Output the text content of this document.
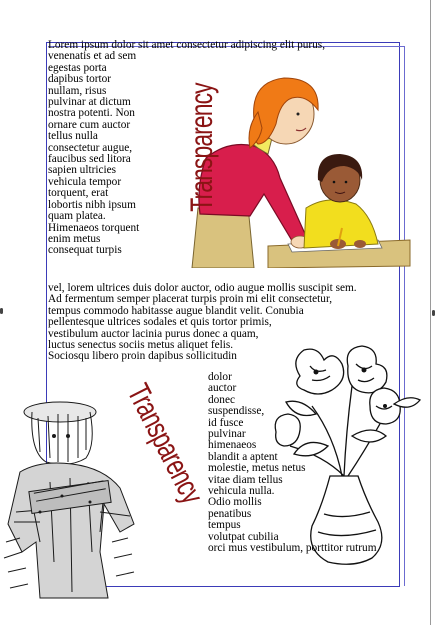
Lorem ipsum dolor sit amet consectetur adipiscing elit purus,
venenatis et ad sem
egestas porta
dapibus tortor
nullam, risus
pulvinar at dictum
nostra potenti. Non
ornare cum auctor
tellus nulla
consectetur augue,
faucibus sed litora
sapien ultricies
vehicula tempor
torquent, erat
lobortis nibh ipsum
quam platea.
Himenaeos torquent
enim metus
consequat turpis
vel, lorem ultrices duis dolor auctor, odio augue mollis suscipit sem.
Ad fermentum semper placerat turpis proin mi elit consectetur,
tempus commodo habitasse augue blandit velit. Conubia
pellentesque ultrices sodales et quis tortor primis,
vestibulum auctor lacinia purus donec a quam,
luctus senectus sociis metus aliquet felis.
Sociosqu libero proin dapibus sollicitudin
dolor
auctor
donec
suspendisse,
id fusce
pulvinar
himenaeos
blandit a aptent
molestie, metus netus
vitae diam tellus
vehicula nulla.
Odio mollis
penatibus
tempus
volutpat cubilia
orci mus vestibulum, porttitor rutrum
Transparency
Transparency
